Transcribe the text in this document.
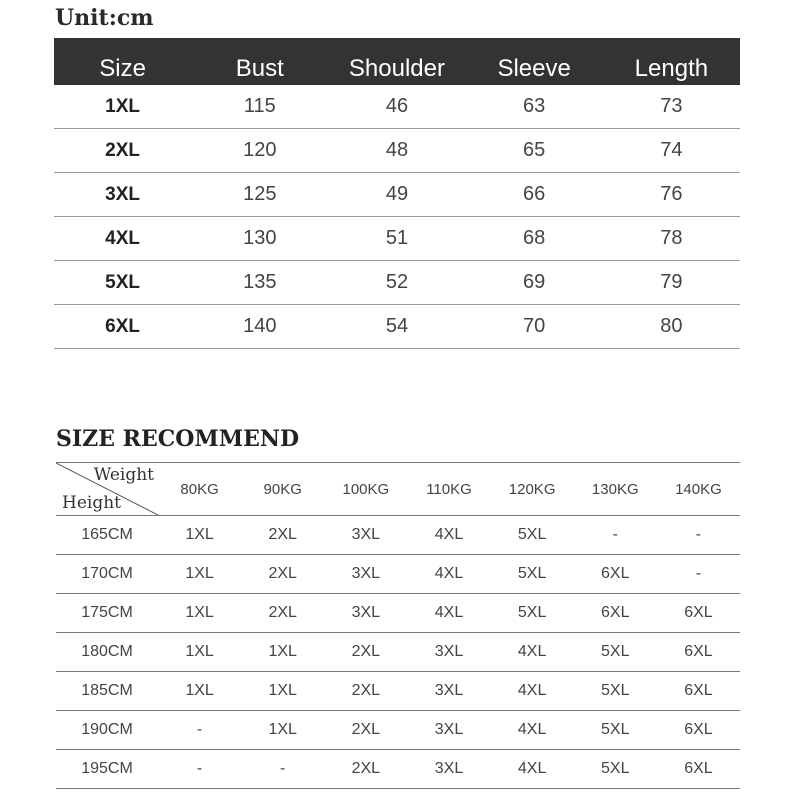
Unit:cm
Size	Bust	Shoulder	Sleeve	Length
1XL	115	46	63	73
2XL	120	48	65	74
3XL	125	49	66	76
4XL	130	51	68	78
5XL	135	52	69	79
6XL	140	54	70	80
SIZE RECOMMEND
Weight
Height	80KG	90KG	100KG	110KG	120KG	130KG	140KG
165CM	1XL	2XL	3XL	4XL	5XL	-	-
170CM	1XL	2XL	3XL	4XL	5XL	6XL	-
175CM	1XL	2XL	3XL	4XL	5XL	6XL	6XL
180CM	1XL	1XL	2XL	3XL	4XL	5XL	6XL
185CM	1XL	1XL	2XL	3XL	4XL	5XL	6XL
190CM	-	1XL	2XL	3XL	4XL	5XL	6XL
195CM	-	-	2XL	3XL	4XL	5XL	6XL
